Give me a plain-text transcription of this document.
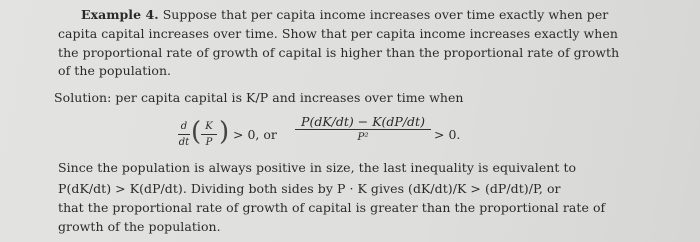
Example 4. Suppose that per capita income increases over time exactly when per
capita capital increases over time. Show that per capita income increases exactly when
the proportional rate of growth of capital is higher than the proportional rate of growth
of the population.
Solution: per capita capital is K/P and increases over time when
d
dt ( K
P ) > 0, or
P(dK/dt) − K(dP/dt)
P²	> 0.
Since the population is always positive in size, the last inequality is equivalent to
P(dK/dt) > K(dP/dt). Dividing both sides by P · K gives (dK/dt)/K > (dP/dt)/P, or
that the proportional rate of growth of capital is greater than the proportional rate of
growth of the population.
